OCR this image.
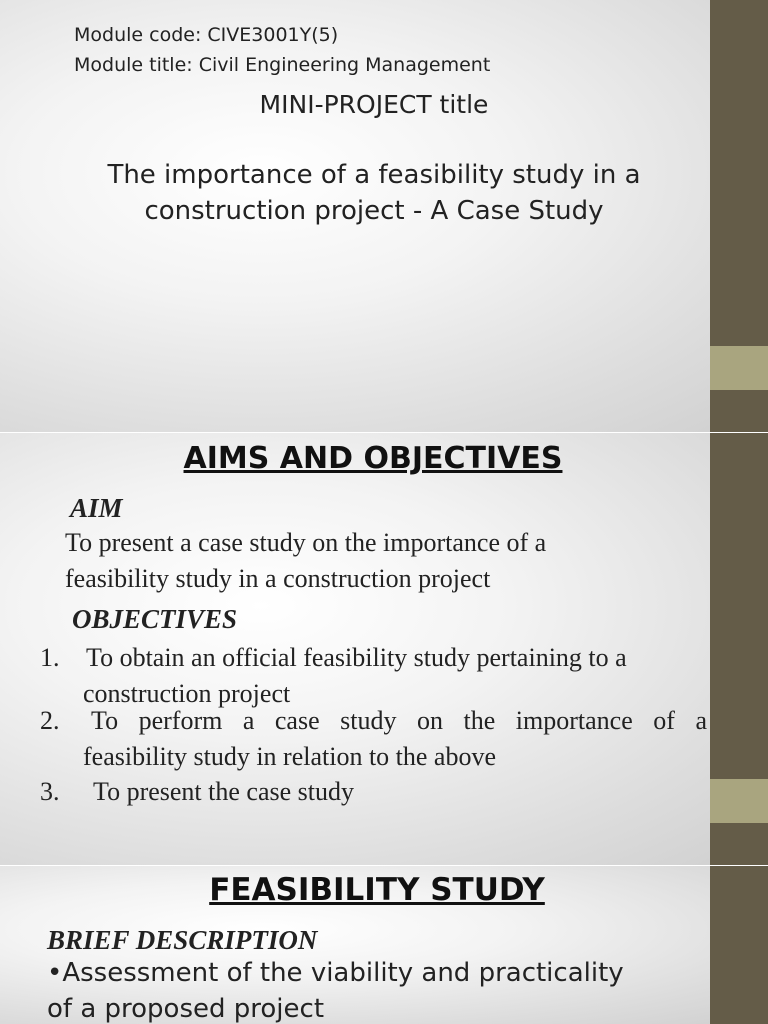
Module code: CIVE3001Y(5)

Module title: Civil Engineering Management

MINI-PROJECT title

The importance of a feasibility study in a

construction project - A Case Study

AIMS AND OBJECTIVES

AIM

To present a case study on the importance of a

feasibility study in a construction project

OBJECTIVES

1. To obtain an official feasibility study pertaining to a
construction project
2. To perform a case study on the importance of a
feasibility study in relation to the above
3. To present the case study

FEASIBILITY STUDY

BRIEF DESCRIPTION

•Assessment of the viability and practicality

of a proposed project
